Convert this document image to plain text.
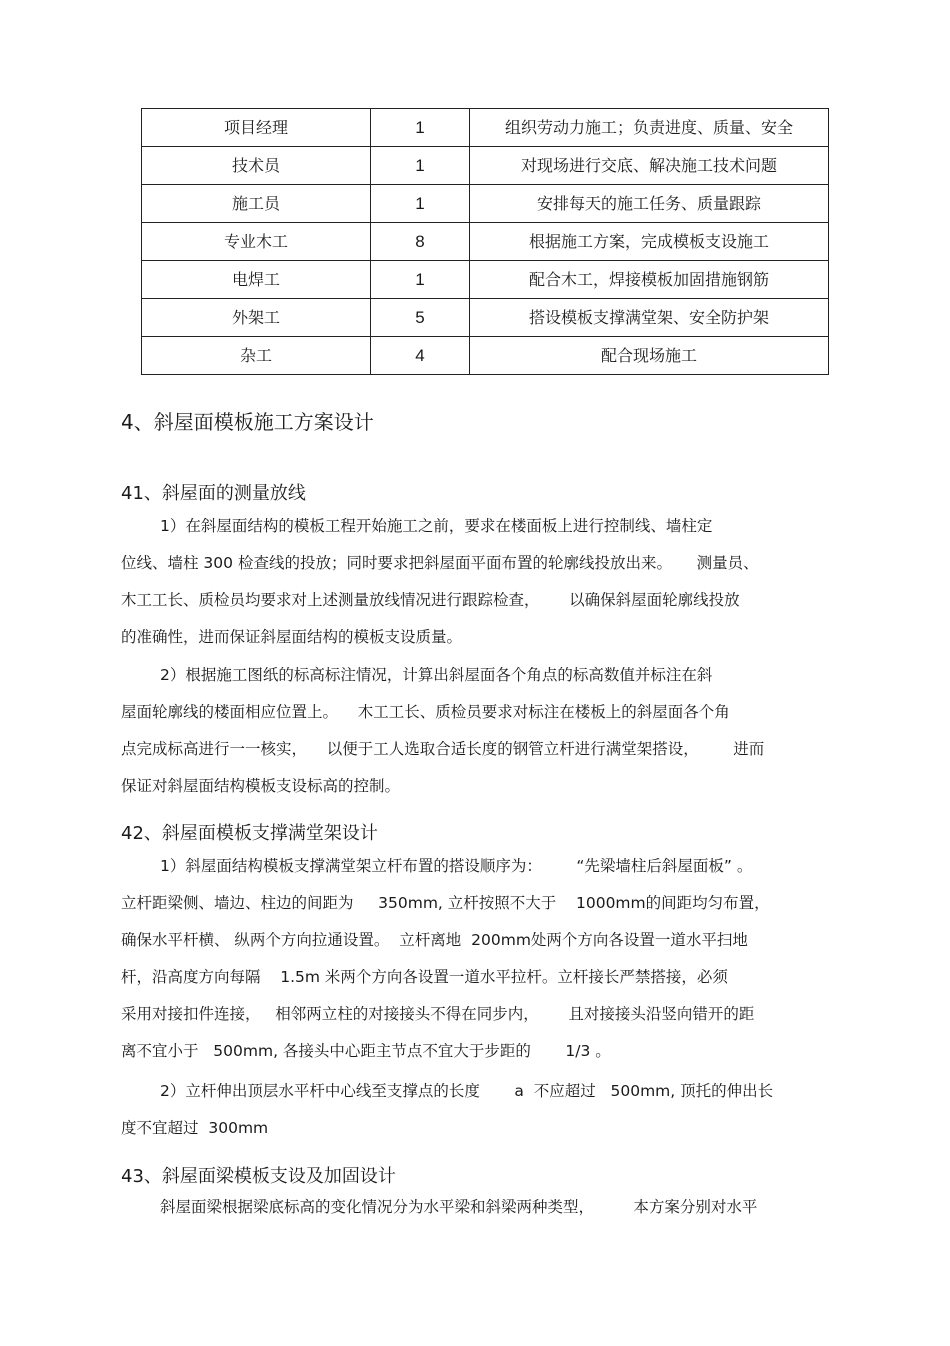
项目经理	1	组织劳动力施工；负责进度、质量、安全
技术员	1	对现场进行交底、解决施工技术问题
施工员	1	安排每天的施工任务、质量跟踪
专业木工	8	根据施工方案，完成模板支设施工
电焊工	1	配合木工，焊接模板加固措施钢筋
外架工	5	搭设模板支撑满堂架、安全防护架
杂工	4	配合现场施工
4、斜屋面模板施工方案设计
41、斜屋面的测量放线
1）在斜屋面结构的模板工程开始施工之前，要求在楼面板上进行控制线、墙柱定
位线、墙柱 300 检查线的投放；同时要求把斜屋面平面布置的轮廓线投放出来。     测量员、
木工工长、质检员均要求对上述测量放线情况进行跟踪检查，      以确保斜屋面轮廓线投放
的准确性，进而保证斜屋面结构的模板支设质量。
2）根据施工图纸的标高标注情况，计算出斜屋面各个角点的标高数值并标注在斜
屋面轮廓线的楼面相应位置上。    木工工长、质检员要求对标注在楼板上的斜屋面各个角
点完成标高进行一一核实，    以便于工人选取合适长度的钢管立杆进行满堂架搭设，       进而
保证对斜屋面结构模板支设标高的控制。
42、斜屋面模板支撑满堂架设计
1）斜屋面结构模板支撑满堂架立杆布置的搭设顺序为：       “先梁墙柱后斜屋面板” 。
立杆距梁侧、墙边、柱边的间距为     350mm, 立杆按照不大于    1000mm的间距均匀布置，
确保水平杆横、 纵两个方向拉通设置。  立杆离地  200mm处两个方向各设置一道水平扫地
杆，沿高度方向每隔    1.5m 米两个方向各设置一道水平拉杆。立杆接长严禁搭接，必须
采用对接扣件连接，   相邻两立柱的对接接头不得在同步内，      且对接接头沿竖向错开的距
离不宜小于   500mm, 各接头中心距主节点不宜大于步距的       1/3 。
2）立杆伸出顶层水平杆中心线至支撑点的长度       a  不应超过   500mm, 顶托的伸出长
度不宜超过  300mm
43、斜屋面梁模板支设及加固设计
斜屋面梁根据梁底标高的变化情况分为水平梁和斜梁两种类型，        本方案分别对水平
